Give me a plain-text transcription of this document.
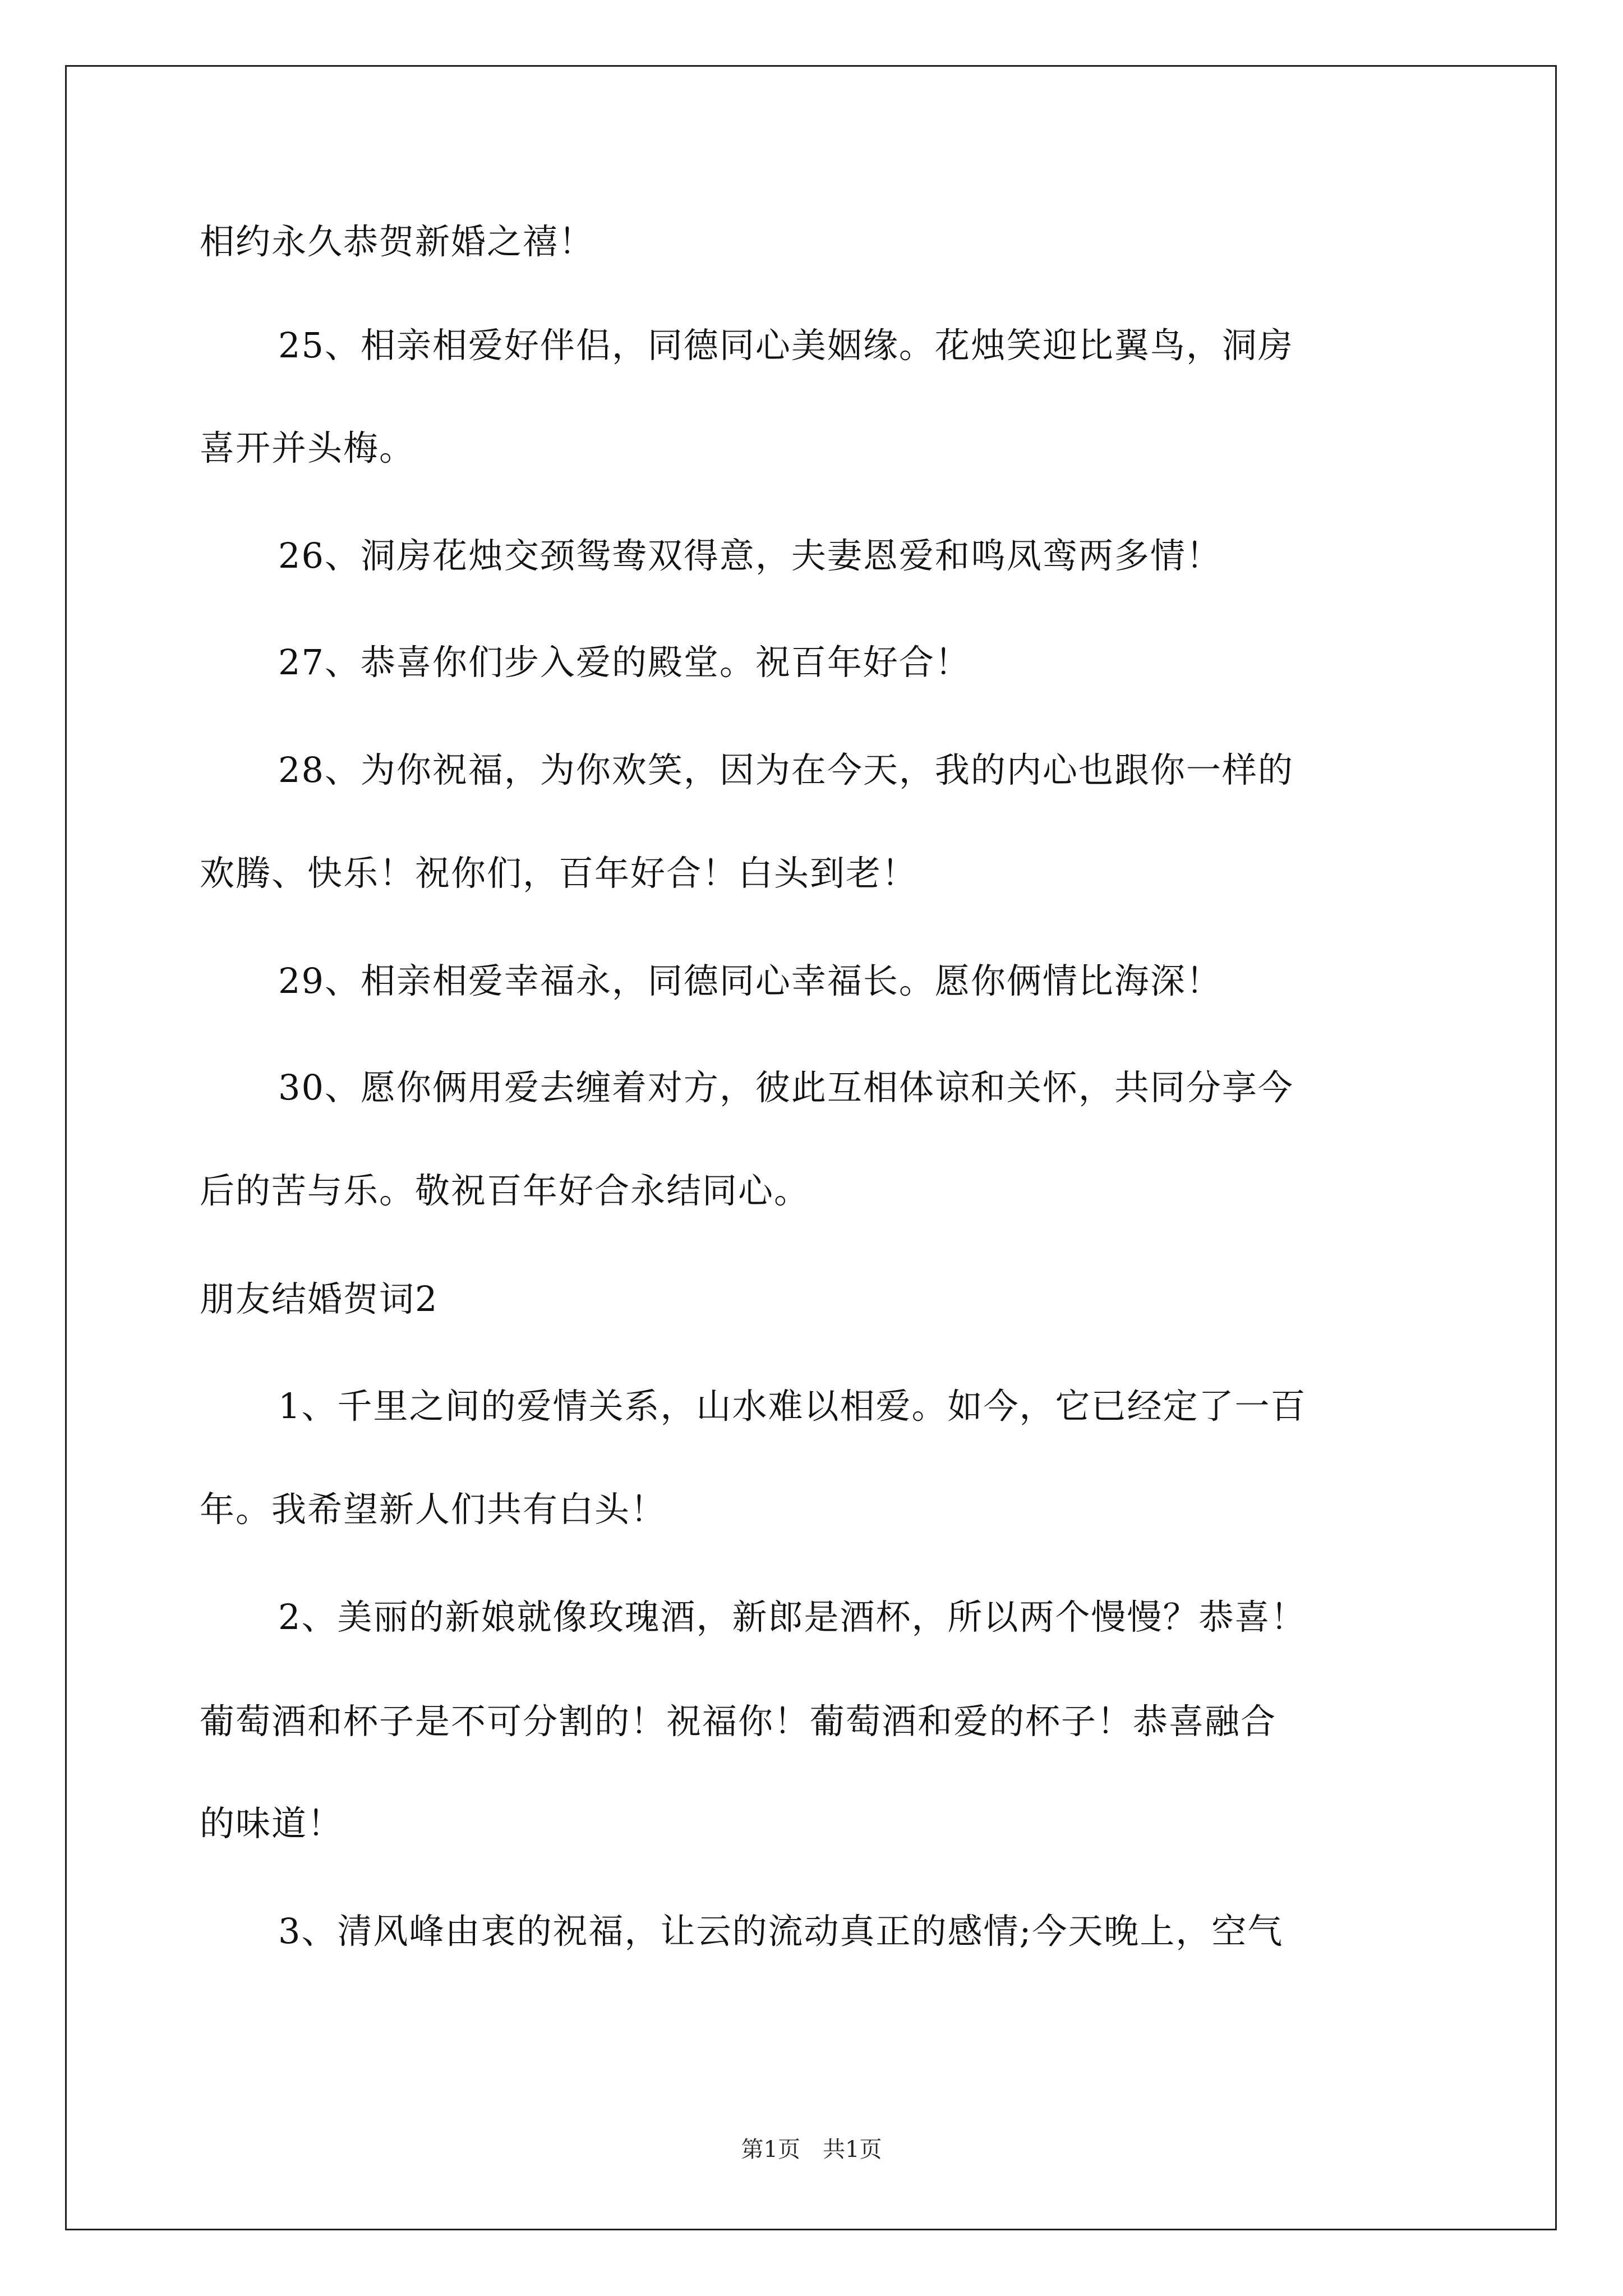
相约永久恭贺新婚之禧！
25、相亲相爱好伴侣，同德同心美姻缘。花烛笑迎比翼鸟，洞房
喜开并头梅。
26、洞房花烛交颈鸳鸯双得意，夫妻恩爱和鸣凤鸾两多情！
27、恭喜你们步入爱的殿堂。祝百年好合！
28、为你祝福，为你欢笑，因为在今天，我的内心也跟你一样的
欢腾、快乐！祝你们，百年好合！白头到老！
29、相亲相爱幸福永，同德同心幸福长。愿你俩情比海深！
30、愿你俩用爱去缠着对方，彼此互相体谅和关怀，共同分享今
后的苦与乐。敬祝百年好合永结同心。
朋友结婚贺词2
1、千里之间的爱情关系，山水难以相爱。如今，它已经定了一百
年。我希望新人们共有白头！
2、美丽的新娘就像玫瑰酒，新郎是酒杯，所以两个慢慢？恭喜！
葡萄酒和杯子是不可分割的！祝福你！葡萄酒和爱的杯子！恭喜融合
的味道！
3、清风峰由衷的祝福，让云的流动真正的感情;今天晚上，空气
第1页　共1页
